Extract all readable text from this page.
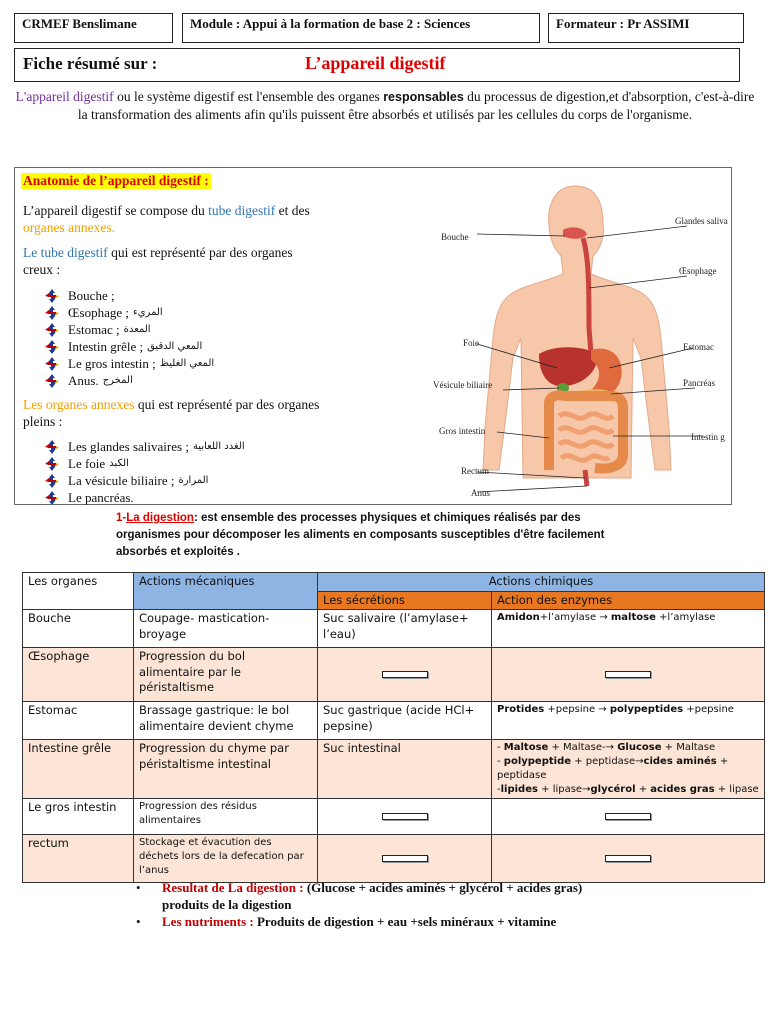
CRMEF Benslimane	Module : Appui à la formation de base 2 : Sciences	Formateur : Pr ASSIMI
Fiche résumé sur :	L’appareil digestif
L'appareil digestif ou le système digestif est l'ensemble des organes responsables du processus de digestion,et d'absorption, c'est-à-dire la transformation des aliments afin qu'ils puissent être absorbés et utilisés par les cellules du corps de l'organisme.
Anatomie de l’appareil digestif :
L’appareil digestif se compose du tube digestif et des organes annexes.
Le tube digestif qui est représenté par des organes creux :
Bouche ;
Œsophage ; المريء
Estomac ; المعدة
Intestin grêle ; المعي الدقيق
Le gros intestin ; المعي الغليظ
Anus. المخرج
Les organes annexes qui est représenté par des organes pleins :
Les glandes salivaires ; الغدد اللعابية
Le foie الكبد
La vésicule biliaire ; المرارة
Le pancréas.
Bouche
Glandes saliva
Œsophage
Foie	Estomac
Vésicule biliaire	Pancréas
Gros intestin
Intestin g
Rectum
Anus
1-La digestion: est ensemble des processes physiques et chimiques réalisés par des organismes pour décomposer les aliments en composants susceptibles d'être facilement absorbés et exploités .
Les organes	Actions mécaniques	Actions chimiques	
		Les sécrétions	Action des enzymes
Bouche	Coupage- mastication- broyage	Suc salivaire (l’amylase+ l’eau)	Amidon+l’amylase → maltose +l’amylase
Œsophage	Progression du bol alimentaire par le péristaltisme		
Estomac	Brassage gastrique: le bol alimentaire devient chyme	Suc gastrique (acide HCl+ pepsine)	Protides +pepsine → polypeptides +pepsine
Intestine grêle	Progression du chyme par péristaltisme intestinal	Suc intestinal	- Maltose + Maltase-→ Glucose + Maltase
- polypeptide + peptidase→cides aminés + peptidase
-lipides + lipase→glycérol + acides gras + lipase

Le gros intestin	Progression des résidus alimentaires		
rectum	Stockage et évacution des déchets lors de la defecation par l’anus		
• Resultat de La digestion : (Glucose + acides aminés + glycérol + acides gras)
produits de la digestion
• Les nutriments : Produits de digestion + eau +sels minéraux + vitamine
